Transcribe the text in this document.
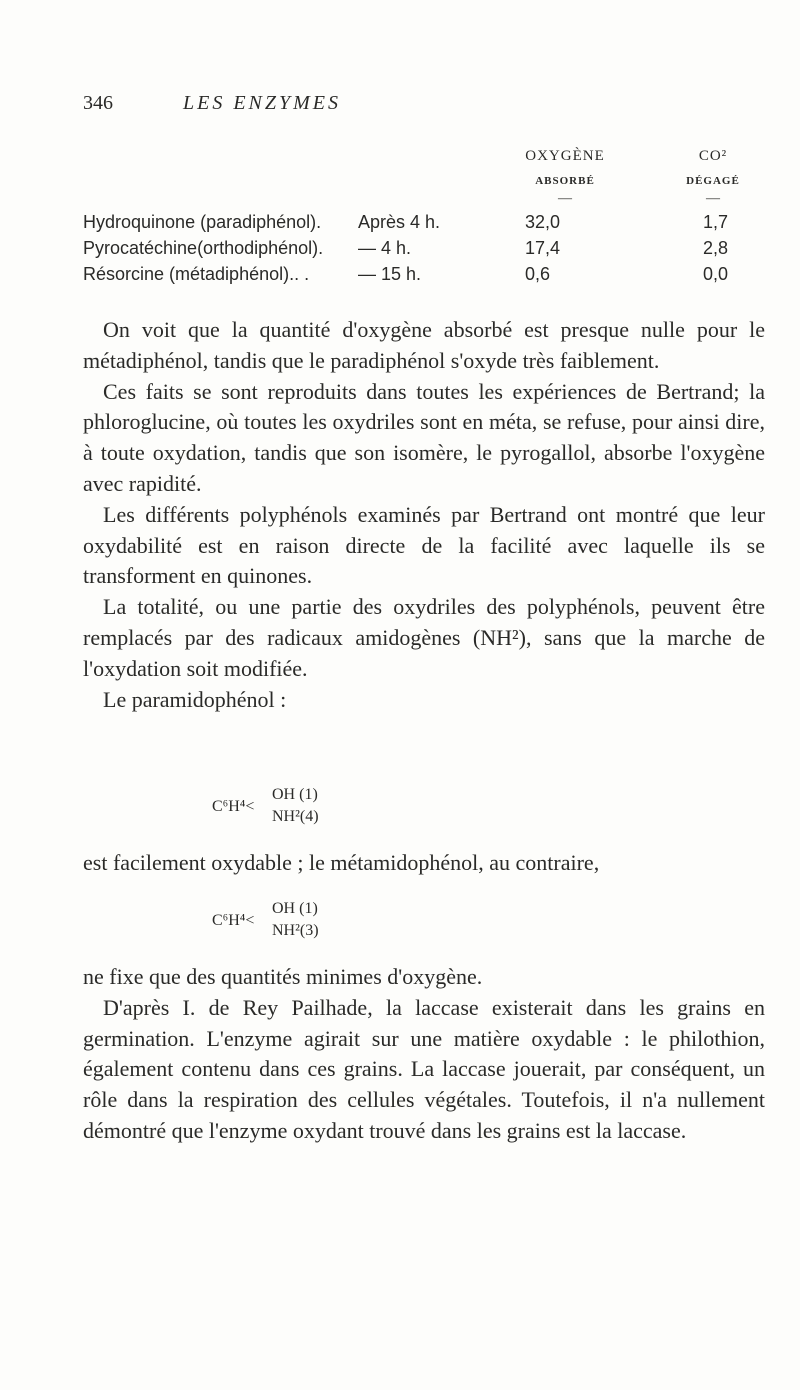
346	LES ENZYMES
OXYGÈNE
ABSORBÉ
—
CO²
DÉGAGÉ
—
Hydroquinone (paradiphénol). Après 4 h.	32,0	1,7
Pyrocatéchine(orthodiphénol). — 4 h.	17,4	2,8
Résorcine (métadiphénol).. .	— 15 h.	0,6	0,0

On voit que la quantité d'oxygène absorbé est presque nulle pour le métadiphénol, tandis que le paradiphénol s'oxyde très faiblement.

Ces faits se sont reproduits dans toutes les expériences de Bertrand; la phloroglucine, où toutes les oxydriles sont en méta, se refuse, pour ainsi dire, à toute oxydation, tandis que son isomère, le pyrogallol, absorbe l'oxygène avec rapidité.

Les différents polyphénols examinés par Bertrand ont montré que leur oxydabilité est en raison directe de la facilité avec laquelle ils se transforment en quinones.

La totalité, ou une partie des oxydriles des polyphénols, peuvent être remplacés par des radicaux amidogènes (NH²), sans que la marche de l'oxydation soit modifiée.

Le paramidophénol :

C⁶H⁴<
OH (1)
NH²(4)

est facilement oxydable ; le métamidophénol, au contraire,

C⁶H⁴<
OH (1)
NH²(3)

ne fixe que des quantités minimes d'oxygène.

D'après I. de Rey Pailhade, la laccase existerait dans les grains en germination. L'enzyme agirait sur une matière oxydable : le philothion, également contenu dans ces grains. La laccase jouerait, par conséquent, un rôle dans la respiration des cellules végétales. Toutefois, il n'a nullement démontré que l'enzyme oxydant trouvé dans les grains est la laccase.
